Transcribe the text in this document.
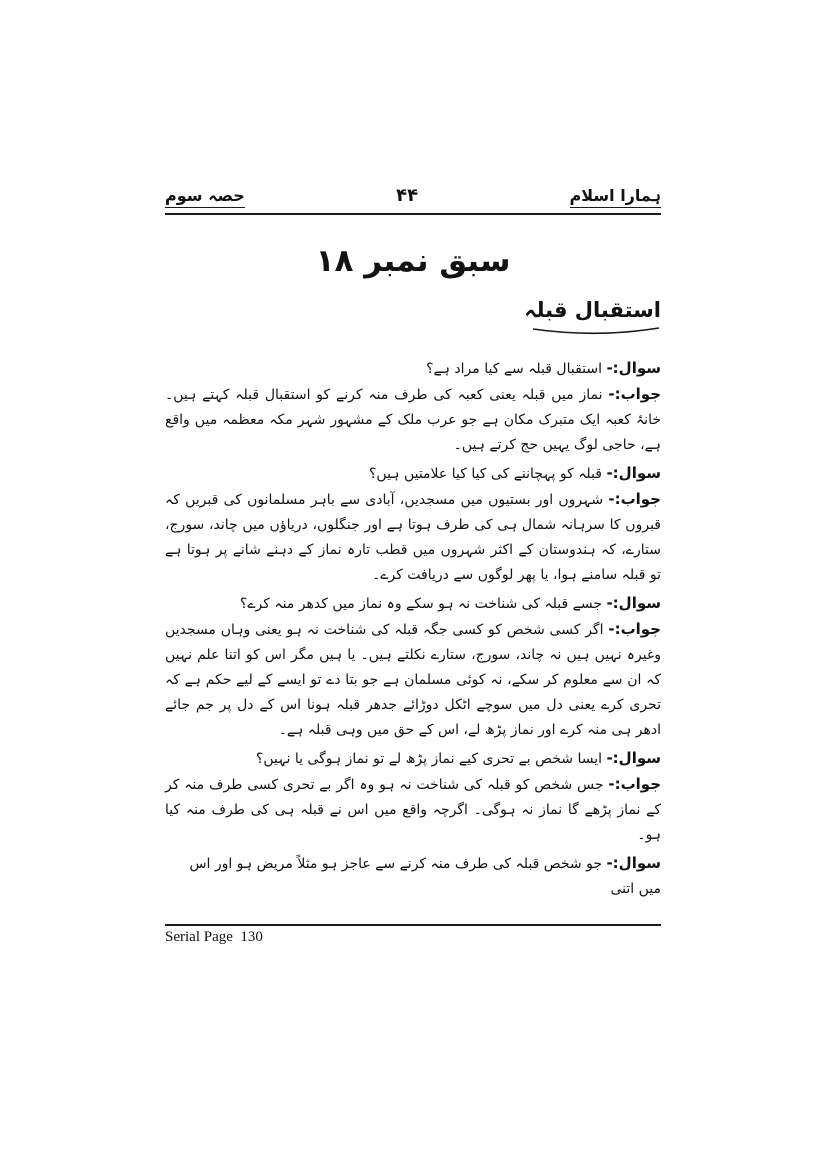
ہمارا اسلام
۴۴
حصہ سوم
سبق نمبر ۱۸
استقبال قبلہ

سوال:- استقبال قبلہ سے کیا مراد ہے؟

جواب:- نماز میں قبلہ یعنی کعبہ کی طرف منہ کرنے کو استقبال قبلہ کہتے ہیں۔ خانۂ کعبہ ایک متبرک مکان ہے جو عرب ملک کے مشہور شہر مکہ معظمہ میں واقع ہے، حاجی لوگ یہیں حج کرتے ہیں۔

سوال:- قبلہ کو پہچاننے کی کیا کیا علامتیں ہیں؟

جواب:- شہروں اور بستیوں میں مسجدیں، آبادی سے باہر مسلمانوں کی قبریں کہ قبروں کا سرہانہ شمال ہی کی طرف ہوتا ہے اور جنگلوں، دریاؤں میں چاند، سورج، ستارے، کہ ہندوستان کے اکثر شہروں میں قطب تارہ نماز کے دہنے شانے پر ہوتا ہے تو قبلہ سامنے ہوا، یا پھر لوگوں سے دریافت کرے۔

سوال:- جسے قبلہ کی شناخت نہ ہو سکے وہ نماز میں کدھر منہ کرے؟

جواب:- اگر کسی شخص کو کسی جگہ قبلہ کی شناخت نہ ہو یعنی وہاں مسجدیں وغیرہ نہیں ہیں نہ چاند، سورج، ستارے نکلتے ہیں۔ یا ہیں مگر اس کو اتنا علم نہیں کہ ان سے معلوم کر سکے، نہ کوئی مسلمان ہے جو بتا دے تو ایسے کے لیے حکم ہے کہ تحری کرے یعنی دل میں سوچے اٹکل دوڑائے جدھر قبلہ ہونا اس کے دل پر جم جائے ادھر ہی منہ کرے اور نماز پڑھ لے، اس کے حق میں وہی قبلہ ہے۔

سوال:- ایسا شخص بے تحری کیے نماز پڑھ لے تو نماز ہوگی یا نہیں؟

جواب:- جس شخص کو قبلہ کی شناخت نہ ہو وہ اگر بے تحری کسی طرف منہ کر کے نماز پڑھے گا نماز نہ ہوگی۔ اگرچہ واقع میں اس نے قبلہ ہی کی طرف منہ کیا ہو۔

سوال:- جو شخص قبلہ کی طرف منہ کرنے سے عاجز ہو مثلاً مریض ہو اور اس میں اتنی

Serial Page  130
